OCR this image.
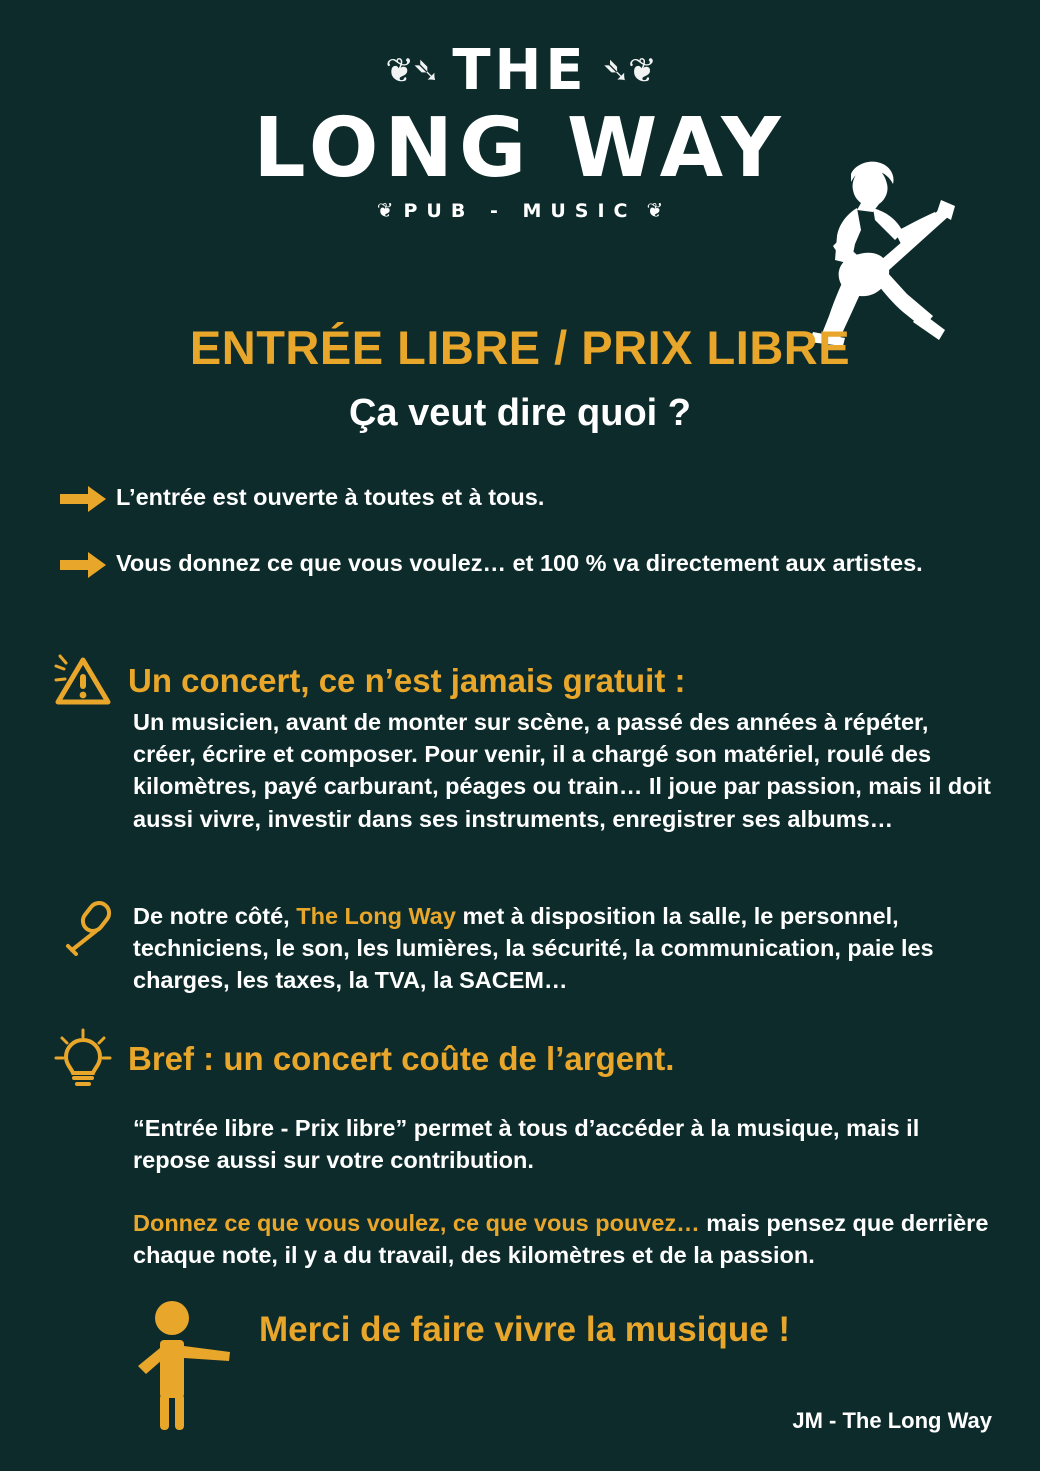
❦➴ THE ➴❦
LONG WAY
❦ PUB - MUSIC ❦
ENTRÉE LIBRE / PRIX LIBRE
Ça veut dire quoi ?
L’entrée est ouverte à toutes et à tous.
Vous donnez ce que vous voulez… et 100 % va directement aux artistes.
Un concert, ce n’est jamais gratuit :
Un musicien, avant de monter sur scène, a passé des années à répéter, créer, écrire et composer. Pour venir, il a chargé son matériel, roulé des kilomètres, payé carburant, péages ou train… Il joue par passion, mais il doit aussi vivre, investir dans ses instruments, enregistrer ses albums…
De notre côté, The Long Way met à disposition la salle, le personnel, techniciens, le son, les lumières, la sécurité, la communication, paie les charges, les taxes, la TVA, la SACEM…
Bref : un concert coûte de l’argent.
“Entrée libre - Prix libre” permet à tous d’accéder à la musique, mais il repose aussi sur votre contribution.
Donnez ce que vous voulez, ce que vous pouvez… mais pensez que derrière chaque note, il y a du travail, des kilomètres et de la passion.
Merci de faire vivre la musique !
JM - The Long Way
